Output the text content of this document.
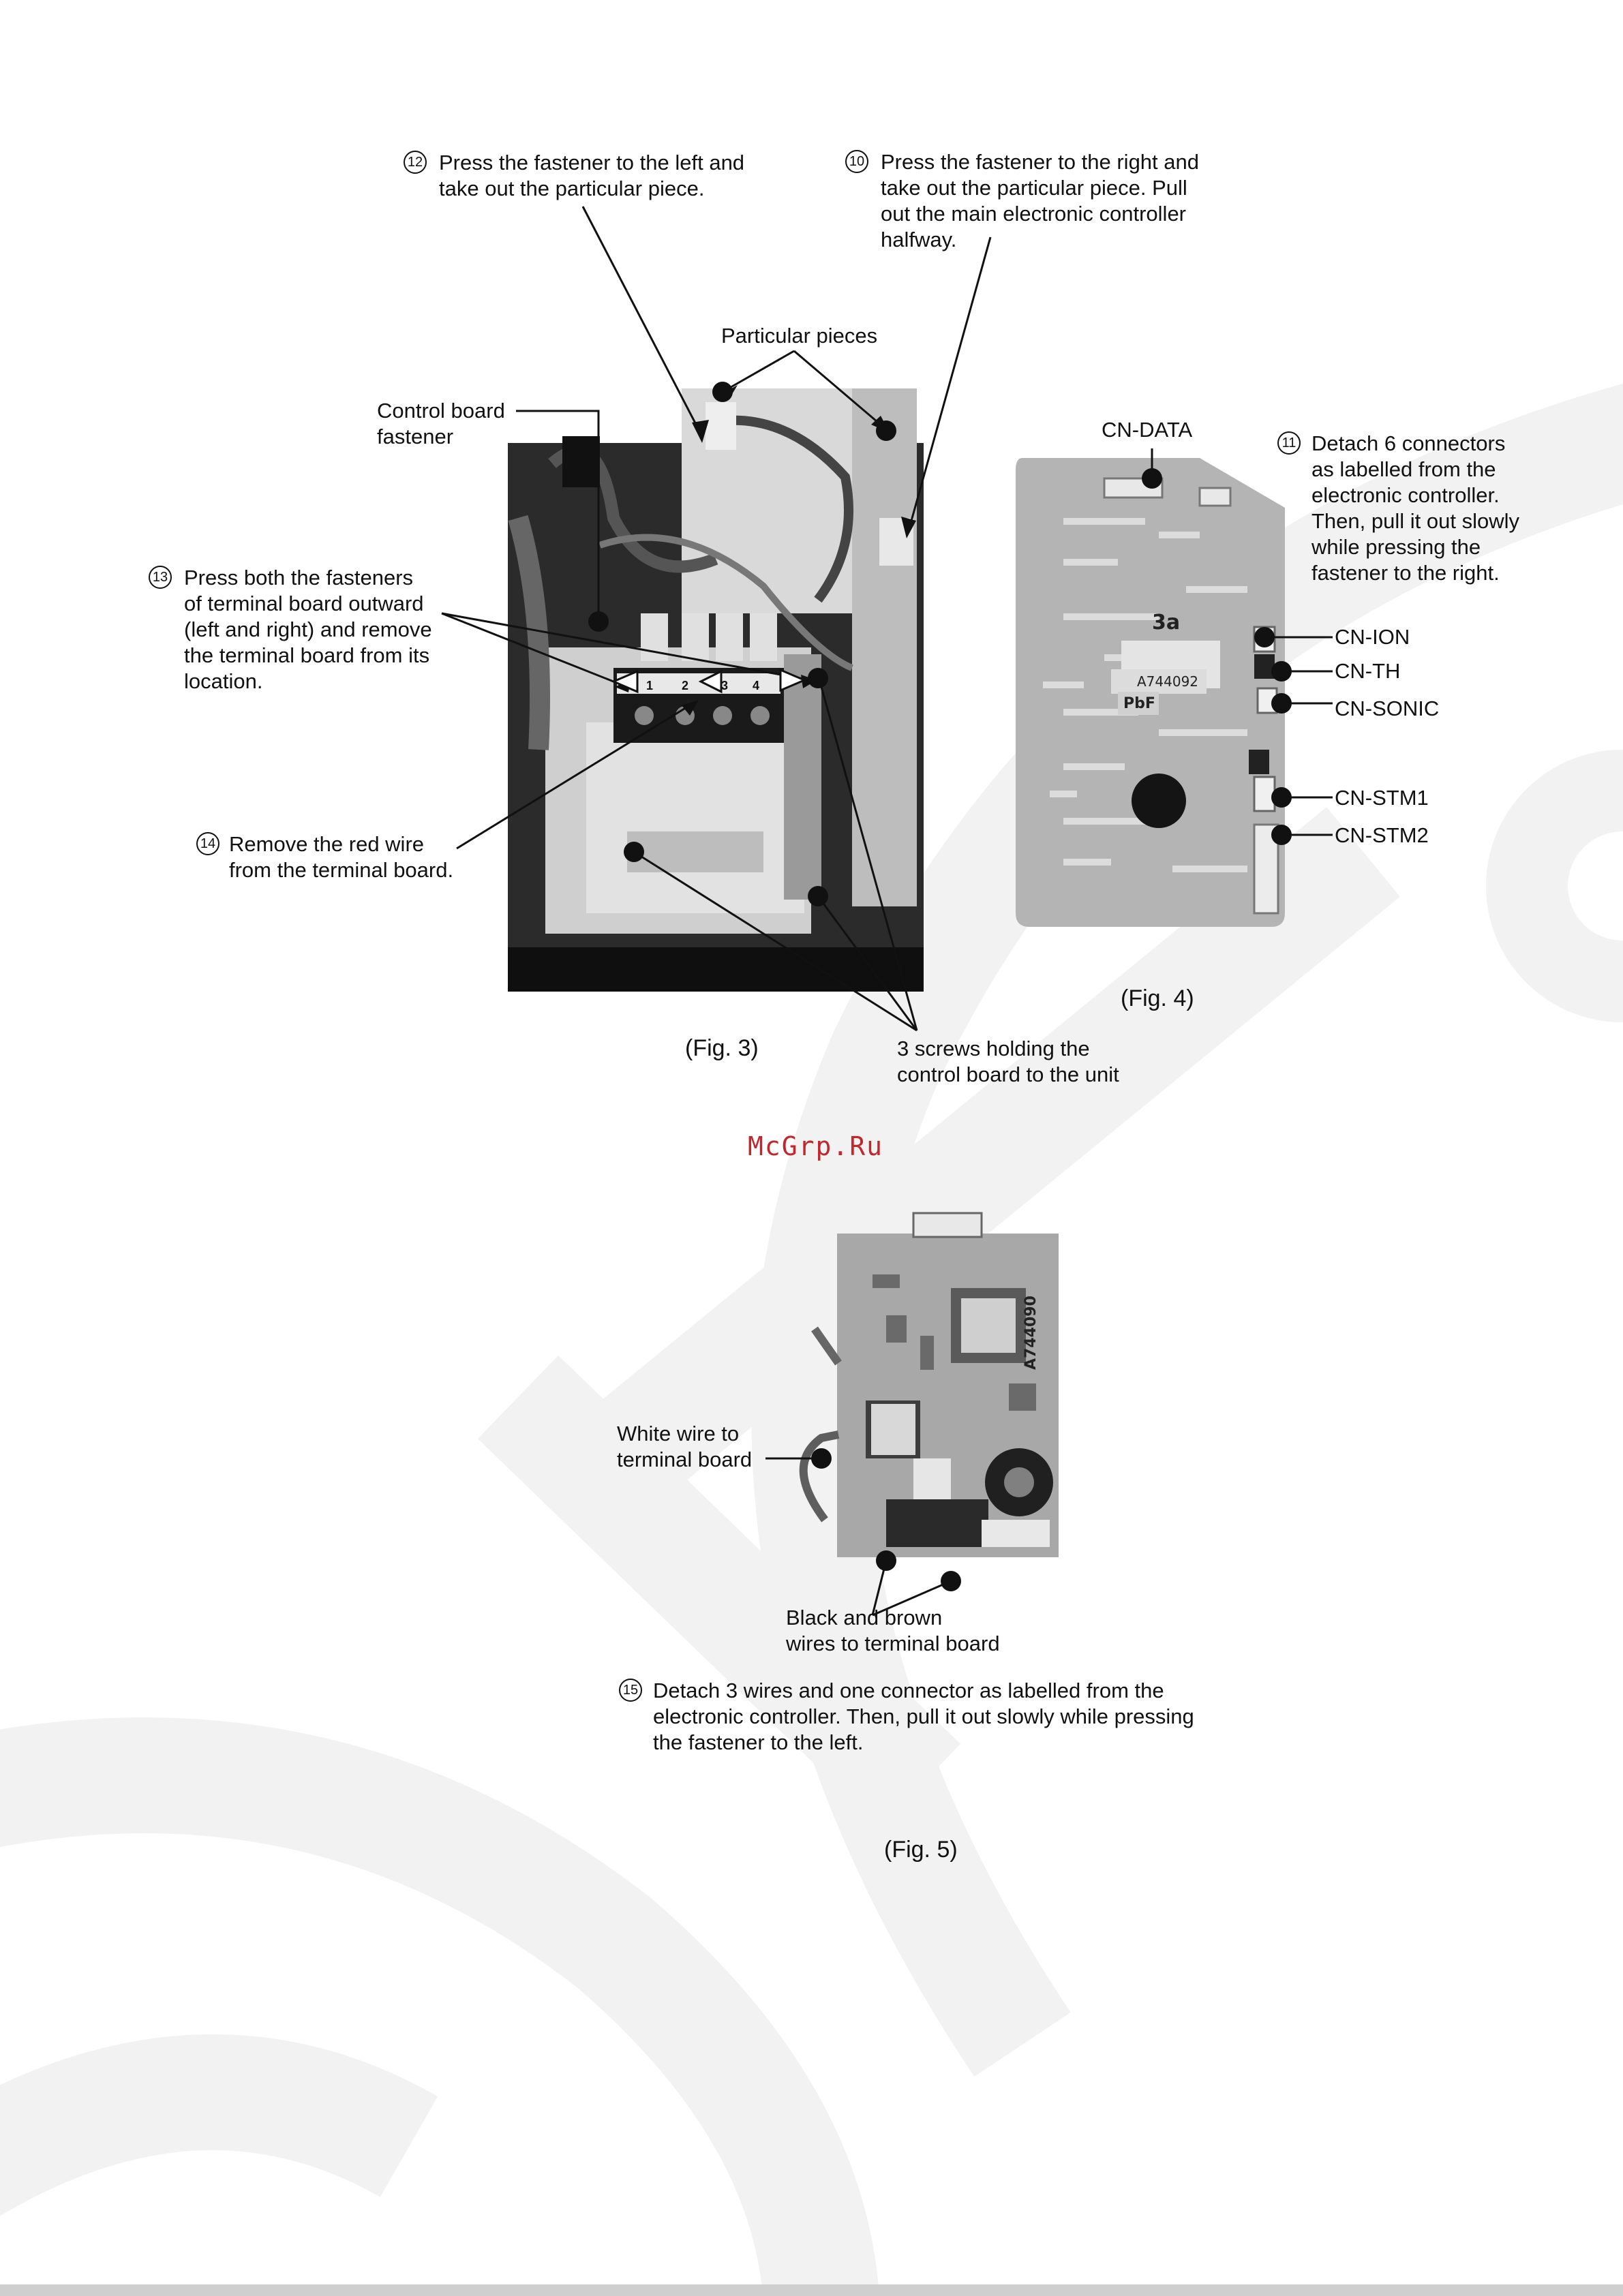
12 Press the fastener to the left and
take out the particular piece.
10 Press the fastener to the right and
take out the particular piece. Pull
out the main electronic controller
halfway.
Particular pieces
Control board
fastener
13 Press both the fasteners
of terminal board outward
(left and right) and remove
the terminal board from its
location.	1 2	3 4
14 Remove the red wire
from the terminal board.
(Fig. 3)	3 screws holding the
control board to the unit
CN-DATA
11 Detach 6 connectors
as labelled from the
electronic controller.
Then, pull it out slowly
while pressing the
fastener to the right.
CN-ION
CN-TH
CN-SONIC
CN-STM1
CN-STM2
3a
A744092
PbF
(Fig. 4)
McGrp.Ru
A744090
White wire to
terminal board
Black and brown
wires to terminal board
15 Detach 3 wires and one connector as labelled from the
electronic controller. Then, pull it out slowly while pressing
the fastener to the left.
(Fig. 5)
